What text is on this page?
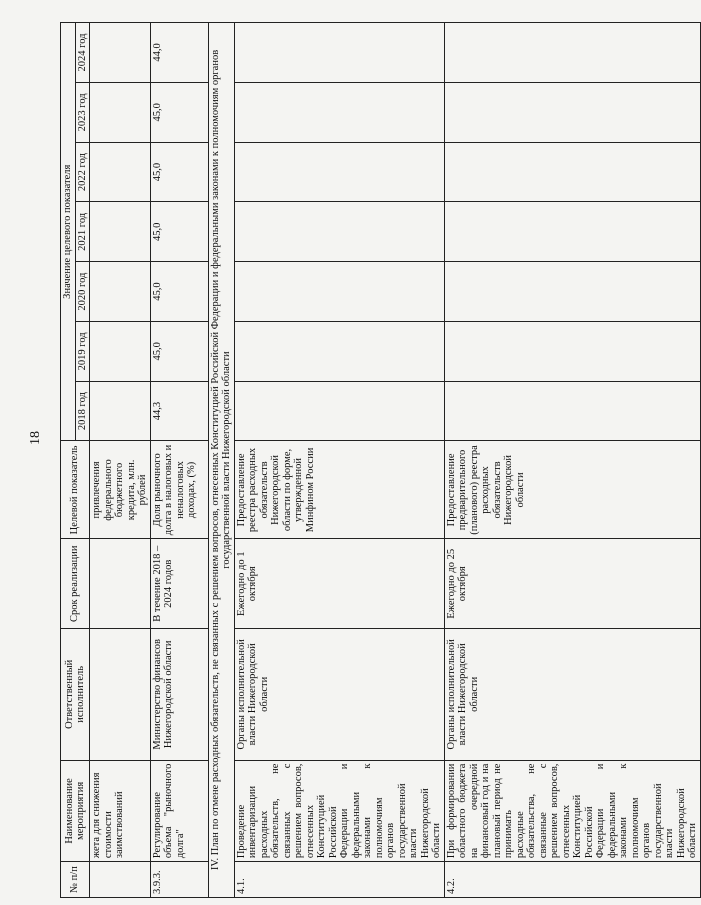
18
№ п/п	Наименование мероприятия	Ответственный исполнитель	Срок реализации	Целевой показатель	Значение целевого показателя						
					2018 год	2019 год	2020 год	2021 год	2022 год	2023 год	2024 год
	жета для снижения стоимости заимствований			привлечения федерального бюджетного кредита, млн. рублей							
3.9.3.	Регулирование объема "рыночного долга"	Министерство финансов Нижегородской области	В течение 2018 – 2024 годов	Доля рыночного долга в налоговых и неналоговых доходах, (%)	44,3	45,0	45,0	45,0	45,0	45,0	44,0
IV. План по отмене расходных обязательств, не связанных с решением вопросов, отнесенных Конституцией Российской Федерации и федеральными законами к полномочиям органов государственной власти Нижегородской области											
4.1.	Проведение инвентаризации расходных обязательств, не связанных с решением вопросов, отнесенных Конституцией Российской Федерации и федеральными законами к полномочиям органов государственной власти Нижегородской области	Органы исполнительной власти Нижегородской области	Ежегодно до 1 октября	Предоставление реестра расходных обязательств Нижегородской области по форме, утвержденной Минфином России							
4.2.	При формировании областного бюджета на очередной финансовый год и на плановый период не принимать расходные обязательства, не связанные с решением вопросов, отнесенных Конституцией Российской Федерации и федеральными законами к полномочиям органов государственной власти Нижегородской области	Органы исполнительной власти Нижегородской области	Ежегодно до 25 октября	Предоставление предварительного (планового) реестра расходных обязательств Нижегородской области							
